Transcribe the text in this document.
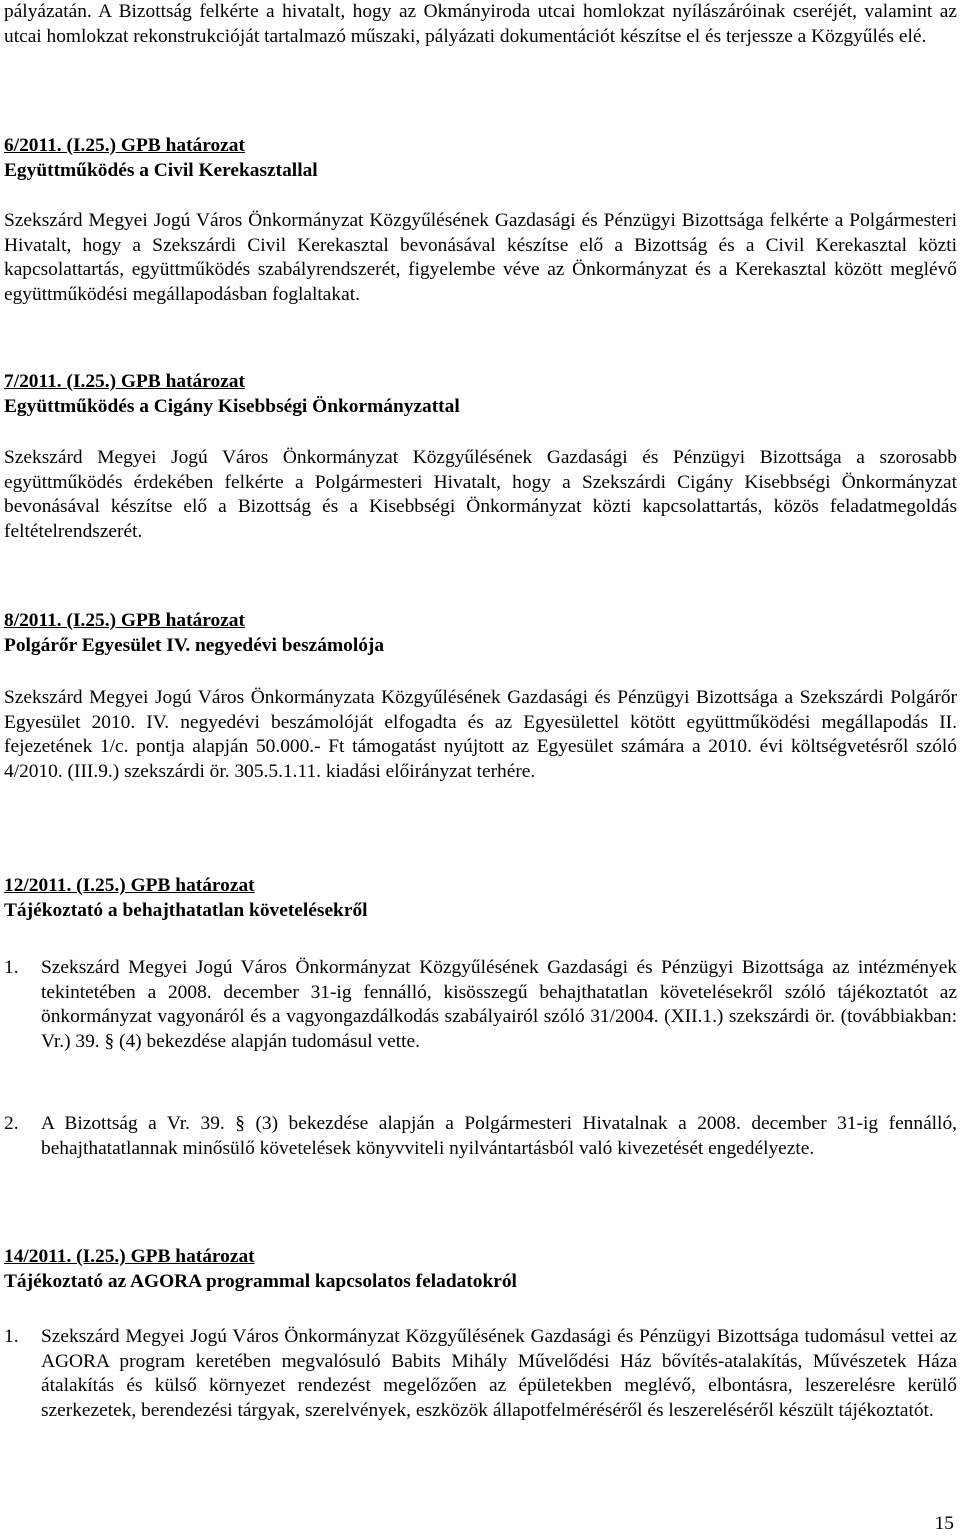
pályázatán. A Bizottság felkérte a hivatalt, hogy az Okmányiroda utcai homlokzat nyílászáróinak cseréjét, valamint az utcai homlokzat rekonstrukcióját tartalmazó műszaki, pályázati dokumentációt készítse el és terjessze a Közgyűlés elé.

6/2011. (I.25.) GPB határozat
Együttműködés a Civil Kerekasztallal

Szekszárd Megyei Jogú Város Önkormányzat Közgyűlésének Gazdasági és Pénzügyi Bizottsága felkérte a Polgármesteri Hivatalt, hogy a Szekszárdi Civil Kerekasztal bevonásával készítse elő a Bizottság és a Civil Kerekasztal közti kapcsolattartás, együttműködés szabályrendszerét, figyelembe véve az Önkormányzat és a Kerekasztal között meglévő együttműködési megállapodásban foglaltakat.

7/2011. (I.25.) GPB határozat
Együttműködés a Cigány Kisebbségi Önkormányzattal

Szekszárd Megyei Jogú Város Önkormányzat Közgyűlésének Gazdasági és Pénzügyi Bizottsága a szorosabb együttműködés érdekében felkérte a Polgármesteri Hivatalt, hogy a Szekszárdi Cigány Kisebbségi Önkormányzat bevonásával készítse elő a Bizottság és a Kisebbségi Önkormányzat közti kapcsolattartás, közös feladatmegoldás feltételrendszerét.

8/2011. (I.25.) GPB határozat
Polgárőr Egyesület IV. negyedévi beszámolója

Szekszárd Megyei Jogú Város Önkormányzata Közgyűlésének Gazdasági és Pénzügyi Bizottsága a Szekszárdi Polgárőr Egyesület 2010. IV. negyedévi beszámolóját elfogadta és az Egyesülettel kötött együttműködési megállapodás II. fejezetének 1/c. pontja alapján 50.000.- Ft támogatást nyújtott az Egyesület számára a 2010. évi költségvetésről szóló 4/2010. (III.9.) szekszárdi ör. 305.5.1.11. kiadási előirányzat terhére.

12/2011. (I.25.) GPB határozat
Tájékoztató a behajthatatlan követelésekről
1. Szekszárd Megyei Jogú Város Önkormányzat Közgyűlésének Gazdasági és Pénzügyi Bizottsága az intézmények tekintetében a 2008. december 31-ig fennálló, kisösszegű behajthatatlan követelésekről szóló tájékoztatót az önkormányzat vagyonáról és a vagyongazdálkodás szabályairól szóló 31/2004. (XII.1.) szekszárdi ör. (továbbiakban: Vr.) 39. § (4) bekezdése alapján tudomásul vette.
2. A Bizottság a Vr. 39. § (3) bekezdése alapján a Polgármesteri Hivatalnak a 2008. december 31-ig fennálló, behajthatatlannak minősülő követelések könyvviteli nyilvántartásból való kivezetését engedélyezte.
14/2011. (I.25.) GPB határozat
Tájékoztató az AGORA programmal kapcsolatos feladatokról
1. Szekszárd Megyei Jogú Város Önkormányzat Közgyűlésének Gazdasági és Pénzügyi Bizottsága tudomásul vettei az AGORA program keretében megvalósuló Babits Mihály Művelődési Ház bővítés-atalakítás, Művészetek Háza átalakítás és külső környezet rendezést megelőzően az épületekben meglévő, elbontásra, leszerelésre kerülő szerkezetek, berendezési tárgyak, szerelvények, eszközök állapotfelméréséről és leszereléséről készült tájékoztatót.
15
